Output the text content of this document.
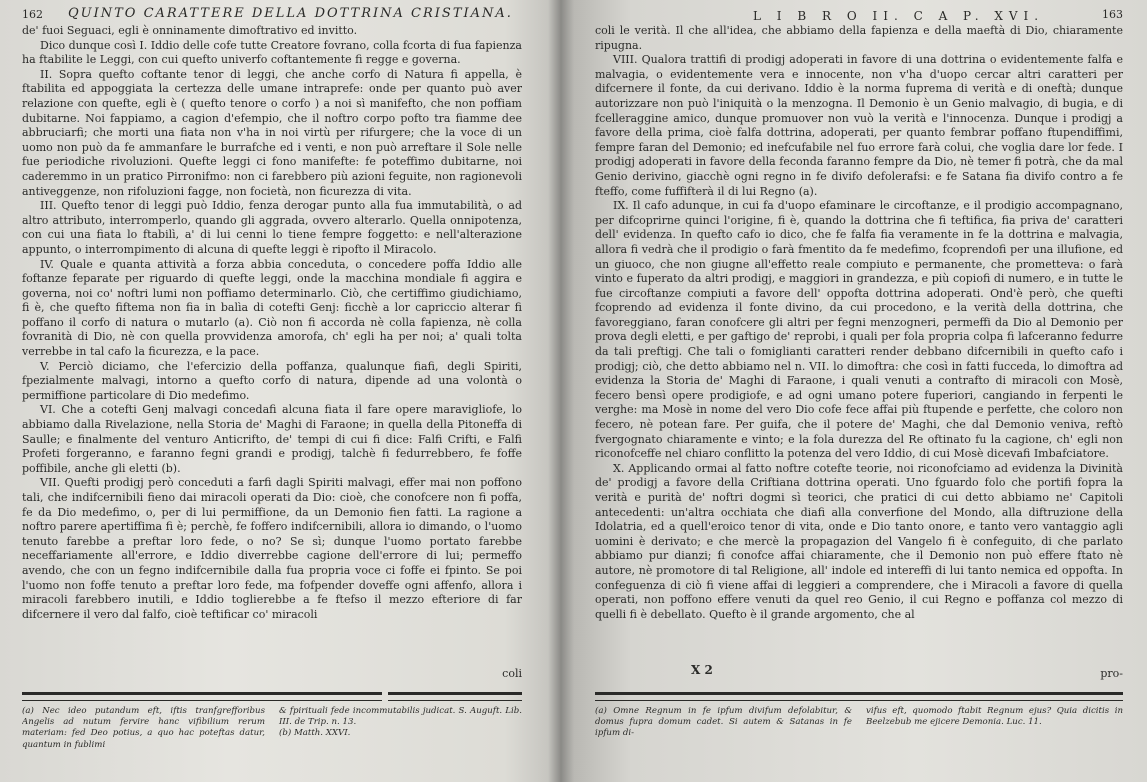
162 QUINTO CARATTERE DELLA DOTTRINA CRISTIANA.

de' fuoi Seguaci, egli è onninamente dimoftrativo ed invitto.

Dico dunque così I. Iddio delle cofe tutte Creatore fovrano, colla fcorta di fua fapienza ha ftabilite le Leggi, con cui quefto univerfo coftantemente fi regge e governa.

II. Sopra quefto coftante tenor di leggi, che anche corfo di Natura fi appella, è ftabilita ed appoggiata la certezza delle umane intraprefe: onde per quanto può aver relazione con quefte, egli è ( quefto tenore o corfo ) a noi sì manifefto, che non poffiam dubitarne. Noi fappiamo, a cagion d'efempio, che il noftro corpo pofto tra fiamme dee abbruciarfi; che morti una fiata non v'ha in noi virtù per rifurgere; che la voce di un uomo non può da fe ammanfare le burrafche ed i venti, e non può arreftare il Sole nelle fue periodiche rivoluzioni. Quefte leggi ci fono manifefte: fe poteffimo dubitarne, noi caderemmo in un pratico Pirronifmo: non ci farebbero più azioni feguite, non ragionevoli antiveggenze, non rifoluzioni fagge, non focietà, non ficurezza di vita.

III. Quefto tenor di leggi può Iddio, fenza derogar punto alla fua immutabilità, o ad altro attributo, interromperlo, quando gli aggrada, ovvero alterarlo. Quella onnipotenza, con cui una fiata lo ftabilì, a' di lui cenni lo tiene fempre foggetto: e nell'alterazione appunto, o interrompimento di alcuna di quefte leggi è ripofto il Miracolo.

IV. Quale e quanta attività a forza abbia conceduta, o concedere poffa Iddio alle foftanze feparate per riguardo di quefte leggi, onde la macchina mondiale fi aggira e governa, noi co' noftri lumi non poffiamo determinarlo. Ciò, che certiffimo giudichiamo, fi è, che quefto fiftema non fia in balìa di cotefti Genj: ficchè a lor capriccio alterar fi poffano il corfo di natura o mutarlo (a). Ciò non fi accorda nè colla fapienza, nè colla fovranità di Dio, nè con quella provvidenza amorofa, ch' egli ha per noi; a' quali tolta verrebbe in tal cafo la ficurezza, e la pace.

V. Perciò diciamo, che l'efercizio della poffanza, qualunque fiafi, degli Spiriti, fpezialmente malvagi, intorno a quefto corfo di natura, dipende ad una volontà o permiffione particolare di Dio medefimo.

VI. Che a cotefti Genj malvagi concedafi alcuna fiata il fare opere maravigliofe, lo abbiamo dalla Rivelazione, nella Storia de' Maghi di Faraone; in quella della Pitoneffa di Saulle; e finalmente del venturo Anticrifto, de' tempi di cui fi dice: Falfi Crifti, e Falfi Profeti forgeranno, e faranno fegni grandi e prodigj, talchè fi fedurrebbero, fe foffe poffibile, anche gli eletti (b).

VII. Quefti prodigj però conceduti a farfi dagli Spiriti malvagi, effer mai non poffono tali, che indifcernibili fieno dai miracoli operati da Dio: cioè, che conofcere non fi poffa, fe da Dio medefimo, o, per di lui permiffione, da un Demonio fien fatti. La ragione a noftro parere apertiffima fi è; perchè, fe foffero indifcernibili, allora io dimando, o l'uomo tenuto farebbe a preftar loro fede, o no? Se sì; dunque l'uomo portato farebbe neceffariamente all'errore, e Iddio diverrebbe cagione dell'errore di lui; permeffo avendo, che con un fegno indifcernibile dalla fua propria voce ci foffe ei fpinto. Se poi l'uomo non foffe tenuto a preftar loro fede, ma fofpender doveffe ogni affenfo, allora i miracoli farebbero inutili, e Iddio toglierebbe a fe ftefso il mezzo efteriore di far difcernere il vero dal falfo, cioè teftificar co' miracoli

coli
(a) Nec ideo putandum eft, iftis tranfgrefforibus Angelis ad nutum fervire hanc vifibilium rerum materiam: fed Deo potius, a quo hac poteftas datur, quantum in fublimi
& fpirituali fede incommutabilis judicat. S. Auguft. Lib. III. de Trip. n. 13.
(b) Matth. XXVI.
L I B R O II. C A P. XVI.	163

coli le verità. Il che all'idea, che abbiamo della fapienza e della maeftà di Dio, chiaramente ripugna.

VIII. Qualora trattifi di prodigj adoperati in favore di una dottrina o evidentemente falfa e malvagia, o evidentemente vera e innocente, non v'ha d'uopo cercar altri caratteri per difcernere il fonte, da cui derivano. Iddio è la norma fuprema di verità e di oneftà; dunque autorizzare non può l'iniquità o la menzogna. Il Demonio è un Genio malvagio, di bugia, e di fcelleraggine amico, dunque promuover non vuò la verità e l'innocenza. Dunque i prodigj a favore della prima, cioè falfa dottrina, adoperati, per quanto fembrar poffano ftupendiffimi, fempre faran del Demonio; ed inefcufabile nel fuo errore farà colui, che voglia dare lor fede. I prodigj adoperati in favore della feconda faranno fempre da Dio, nè temer fi potrà, che da mal Genio derivino, giacchè ogni regno in fe divifo defolerafsi: e fe Satana fia divifo contro a fe fteffo, come fuffifterà il di lui Regno (a).

IX. Il cafo adunque, in cui fa d'uopo efaminare le circoftanze, e il prodigio accompagnano, per difcoprirne quinci l'origine, fi è, quando la dottrina che fi teftifica, fia priva de' caratteri dell' evidenza. In quefto cafo io dico, che fe falfa fia veramente in fe la dottrina e malvagia, allora fi vedrà che il prodigio o farà fmentito da fe medefimo, fcoprendofi per una illufione, ed un giuoco, che non giugne all'effetto reale compiuto e permanente, che prometteva: o farà vinto e fuperato da altri prodigj, e maggiori in grandezza, e più copiofi di numero, e in tutte le fue circoftanze compiuti a favore dell' oppofta dottrina adoperati. Ond'è però, che quefti fcoprendo ad evidenza il fonte divino, da cui procedono, e la verità della dottrina, che favoreggiano, faran conofcere gli altri per fegni menzogneri, permeffi da Dio al Demonio per prova degli eletti, e per gaftigo de' reprobi, i quali per fola propria colpa fi lafceranno fedurre da tali preftigj. Che tali o fomiglianti caratteri render debbano difcernibili in quefto cafo i prodigj; ciò, che detto abbiamo nel n. VII. lo dimoftra: che così in fatti fucceda, lo dimoftra ad evidenza la Storia de' Maghi di Faraone, i quali venuti a contrafto di miracoli con Mosè, fecero bensì opere prodigiofe, e ad ogni umano potere fuperiori, cangiando in ferpenti le verghe: ma Mosè in nome del vero Dio cofe fece affai più ftupende e perfette, che coloro non fecero, nè potean fare. Per guifa, che il potere de' Maghi, che dal Demonio veniva, reftò fvergognato chiaramente e vinto; e la fola durezza del Re oftinato fu la cagione, ch' egli non riconofceffe nel chiaro conflitto la potenza del vero Iddio, di cui Mosè dicevafi Imbafciatore.

X. Applicando ormai al fatto noftre cotefte teorie, noi riconofciamo ad evidenza la Divinità de' prodigj a favore della Criftiana dottrina operati. Uno fguardo folo che portifi fopra la verità e purità de' noftri dogmi sì teorici, che pratici di cui detto abbiamo ne' Capitoli antecedenti: un'altra occhiata che diafi alla converfione del Mondo, alla diftruzione della Idolatria, ed a quell'eroico tenor di vita, onde e Dio tanto onore, e tanto vero vantaggio agli uomini è derivato; e che mercè la propagazion del Vangelo fi è confeguito, di che parlato abbiamo pur dianzi; fi conofce affai chiaramente, che il Demonio non può effere ftato nè autore, nè promotore di tal Religione, all' indole ed intereffi di lui tanto nemica ed oppofta. In confeguenza di ciò fi viene affai di leggieri a comprendere, che i Miracoli a favore di quella operati, non poffono effere venuti da quel reo Genio, il cui Regno e poffanza col mezzo di quelli fi è debellato. Quefto è il grande argomento, che al

X 2	pro-
(a) Omne Regnum in fe ipfum divifum defolabitur, & domus fupra domum cadet. Si autem & Satanas in fe ipfum di-
vifus eft, quomodo ftabit Regnum ejus? Quia dicitis in Beelzebub me ejicere Demonia. Luc. 11.
